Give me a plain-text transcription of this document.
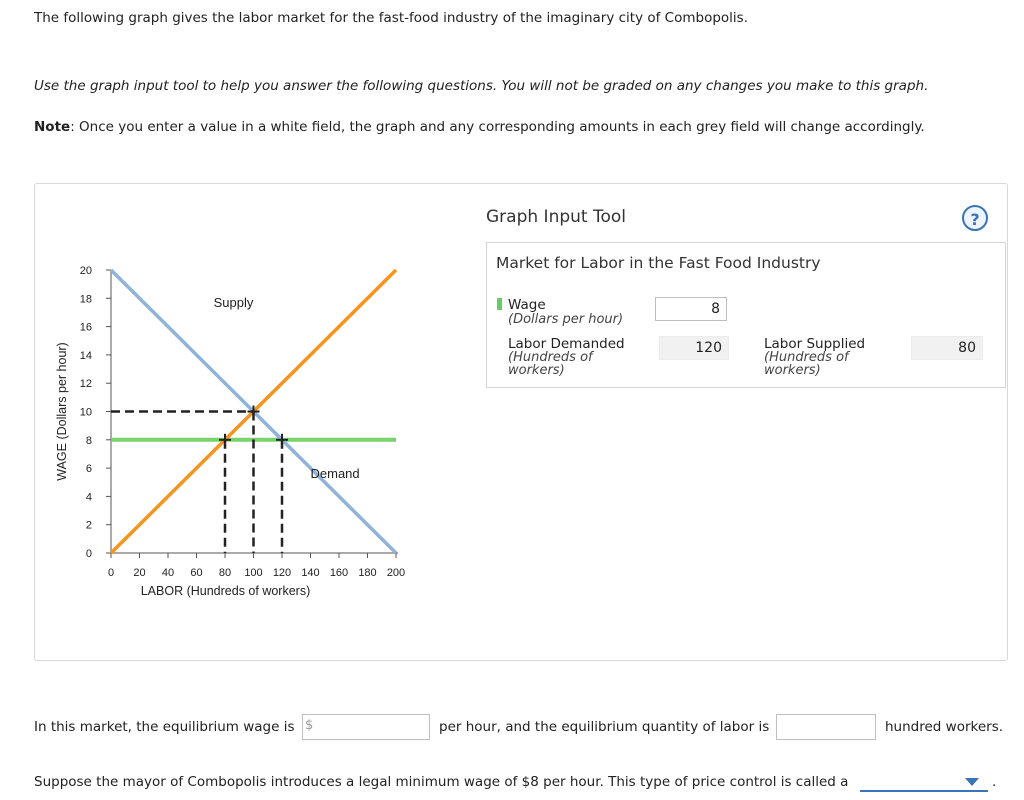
The following graph gives the labor market for the fast-food industry of the imaginary city of Combopolis.
Use the graph input tool to help you answer the following questions. You will not be graded on any changes you make to this graph.
Note: Once you enter a value in a white field, the graph and any corresponding amounts in each grey field will change accordingly.
0 20 40 60 80 100 120 140 160 180 200
0
2
4
6
8
10
12
14
16
18
20
LABOR (Hundreds of workers)
WAGE (Dollars per hour)
Supply
Demand
Graph Input Tool	?
Market for Labor in the Fast Food Industry
Wage
(Dollars per hour)
8
Labor Demanded
(Hundreds of
workers)
120	Labor Supplied
(Hundreds of
workers)
80
In this market, the equilibrium wage is $	per hour, and the equilibrium quantity of labor is	hundred workers.
Suppose the mayor of Combopolis introduces a legal minimum wage of $8 per hour. This type of price control is called a	.
